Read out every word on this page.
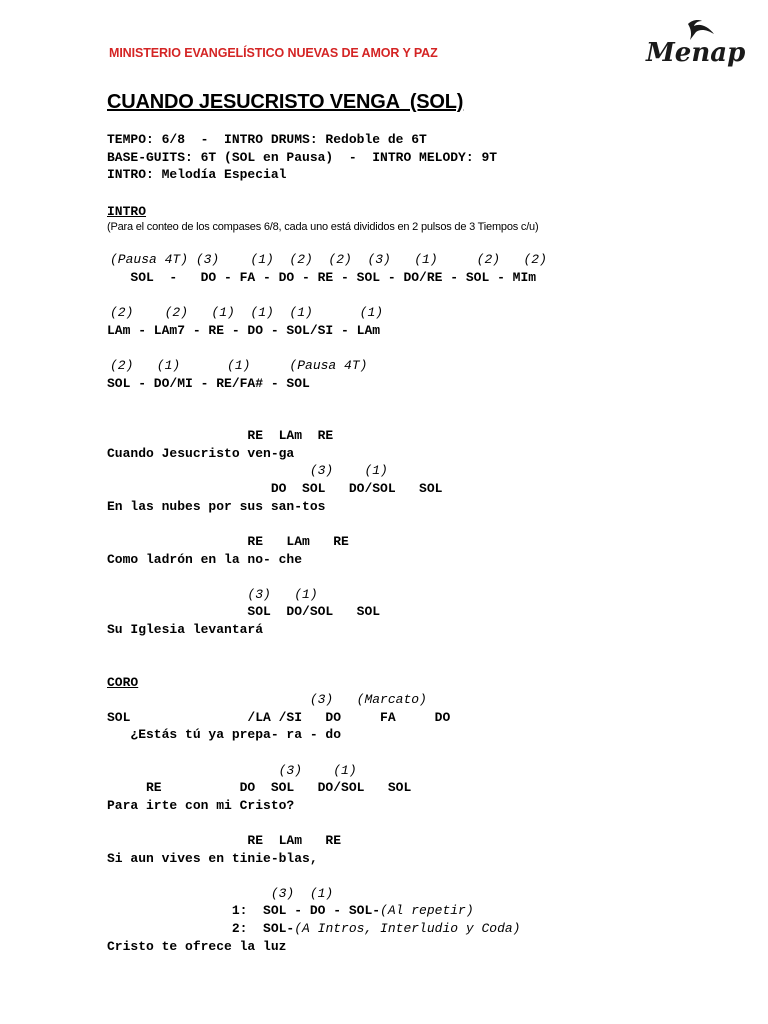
MINISTERIO EVANGELÍSTICO NUEVAS DE AMOR Y PAZ	Menap
CUANDO JESUCRISTO VENGA  (SOL)
TEMPO: 6/8  -  INTRO DRUMS: Redoble de 6T
BASE-GUITS: 6T (SOL en Pausa)  -  INTRO MELODY: 9T
INTRO: Melodía Especial
INTRO
(Para el conteo de los compases 6/8, cada uno está divididos en 2 pulsos de 3 Tiempos c/u)
(Pausa 4T) (3)    (1)  (2)  (2)  (3)   (1)     (2)   (2)
SOL  -   DO - FA - DO - RE - SOL - DO/RE - SOL - MIm
(2)    (2)   (1)  (1)  (1)      (1)
LAm - LAm7 - RE - DO - SOL/SI - LAm
(2)   (1)      (1)     (Pausa 4T)
SOL - DO/MI - RE/FA# - SOL
RE  LAm  RE
Cuando Jesucristo ven-ga
(3)    (1)
DO  SOL   DO/SOL   SOL
En las nubes por sus san-tos
RE   LAm   RE
Como ladrón en la no- che
(3)   (1)
SOL  DO/SOL   SOL
Su Iglesia levantará
CORO
(3)   (Marcato)
SOL               /LA /SI   DO     FA     DO
¿Estás tú ya prepa- ra - do
(3)    (1)
RE          DO  SOL   DO/SOL   SOL
Para irte con mi Cristo?
RE  LAm   RE
Si aun vives en tinie-blas,
(3)  (1)
1:  SOL - DO - SOL-(Al repetir)
2:  SOL-(A Intros, Interludio y Coda)
Cristo te ofrece la luz
